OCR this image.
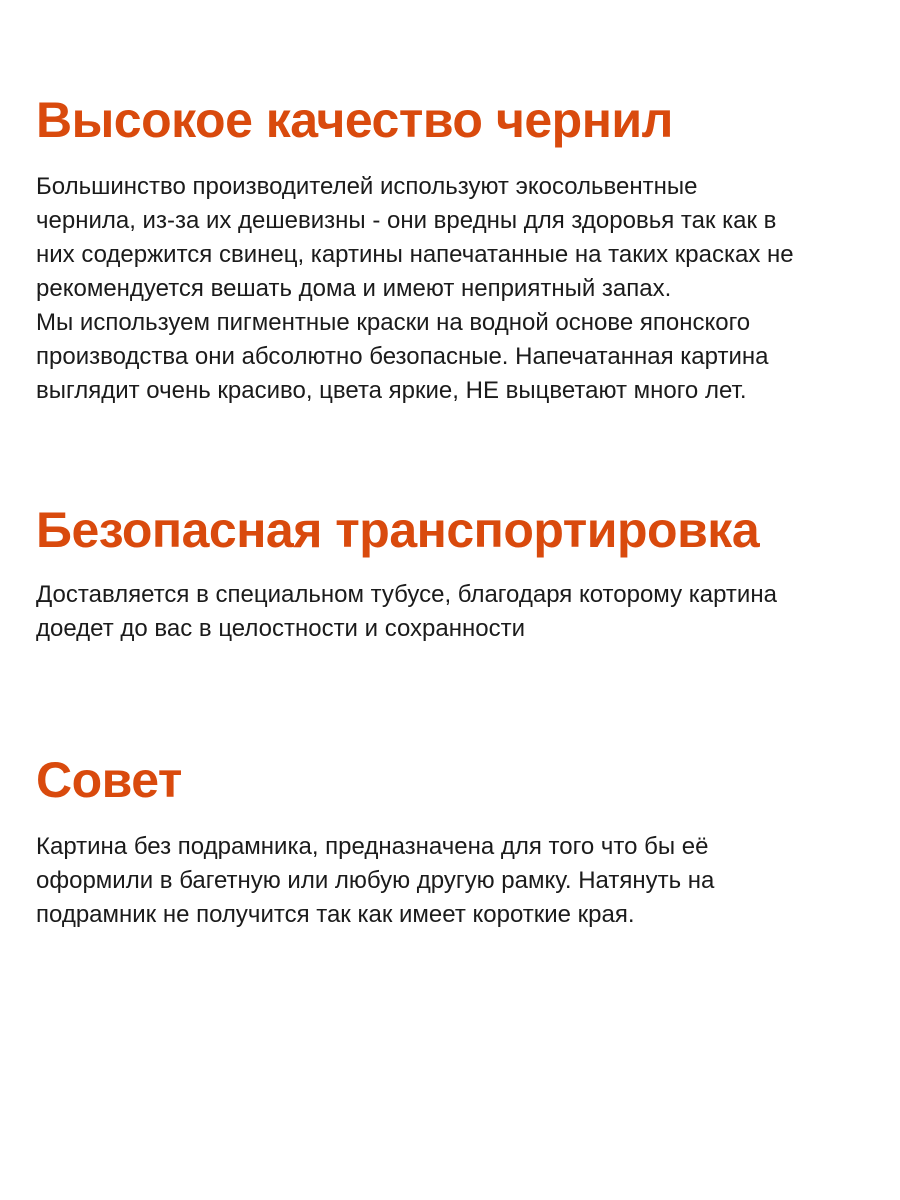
Высокое качество чернил

Большинство производителей используют экосольвентные
чернила, из-за их дешевизны - они вредны для здоровья так как в
них содержится свинец, картины напечатанные на таких красках не
рекомендуется вешать дома и имеют неприятный запах.
Мы используем пигментные краски на водной основе японского
производства они абсолютно безопасные. Напечатанная картина
выглядит очень красиво, цвета яркие, НЕ выцветают много лет.

Безопасная транспортировка

Доставляется в специальном тубусе, благодаря которому картина
доедет до вас в целостности и сохранности

Совет

Картина без подрамника, предназначена для того что бы её
оформили в багетную или любую другую рамку. Натянуть на
подрамник не получится так как имеет короткие края.
